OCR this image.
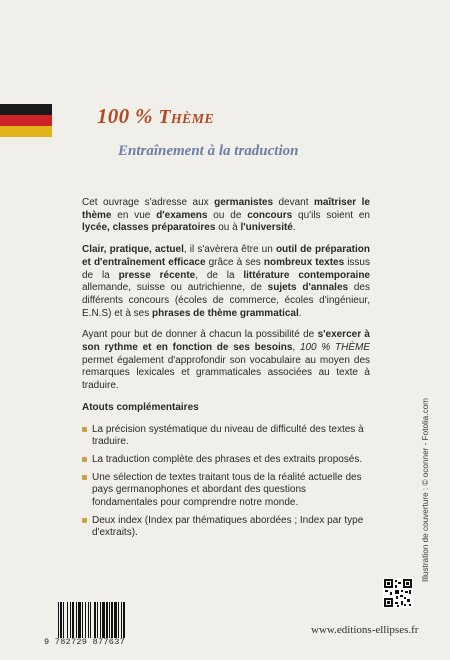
100 % Thème
Entraînement à la traduction

Cet ouvrage s'adresse aux germanistes devant maîtriser le thème en vue d'examens ou de concours qu'ils soient en lycée, classes préparatoires ou à l'université.

Clair, pratique, actuel, il s'avèrera être un outil de préparation et d'entraînement efficace grâce à ses nombreux textes issus de la presse récente, de la littérature contemporaine allemande, suisse ou autrichienne, de sujets d'annales des différents concours (écoles de commerce, écoles d'ingénieur, E.N.S) et à ses phrases de thème grammatical.

Ayant pour but de donner à chacun la possibilité de s'exercer à son rythme et en fonction de ses besoins, 100 % THÈME permet également d'approfondir son vocabulaire au moyen des remarques lexicales et grammaticales associées au texte à traduire.

Atouts complémentaires

La précision systématique du niveau de difficulté des textes à traduire.
La traduction complète des phrases et des extraits proposés.
Une sélection de textes traitant tous de la réalité actuelle des pays germanophones et abordant des questions fondamentales pour comprendre notre monde.
Deux index (Index par thématiques abordées ; Index par type d'extraits).	Illustration de couverture : © oconner - Fotolia.com
9 782729 877637
www.editions-ellipses.fr
